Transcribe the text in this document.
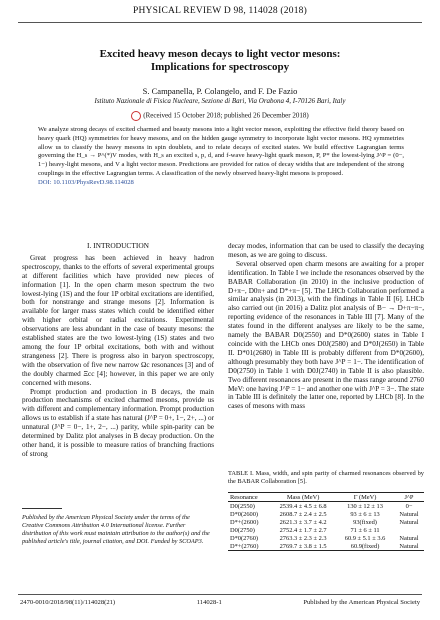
PHYSICAL REVIEW D 98, 114028 (2018)
Excited heavy meson decays to light vector mesons:
Implications for spectroscopy
S. Campanella, P. Colangelo, and F. De Fazio
Istituto Nazionale di Fisica Nucleare, Sezione di Bari, Via Orabona 4, I-70126 Bari, Italy
(Received 15 October 2018; published 26 December 2018)
We analyze strong decays of excited charmed and beauty mesons into a light vector meson, exploiting the effective field theory based on heavy quark (HQ) symmetries for heavy mesons, and on the hidden gauge symmetry to incorporate light vector mesons. HQ symmetries allow us to classify the heavy mesons in spin doublets, and to relate decays of excited states. We build effective Lagrangian terms governing the H_s → P^(*)V modes, with H_s an excited s, p, d, and f-wave heavy-light quark meson, P, P* the lowest-lying J^P = (0−, 1−) heavy-light mesons, and V a light vector meson. Predictions are provided for ratios of decay widths that are independent of the strong couplings in the effective Lagrangian terms. A classification of the newly observed heavy-light mesons is proposed.
DOI: 10.1103/PhysRevD.98.114028
I. INTRODUCTION

Great progress has been achieved in heavy hadron spectroscopy, thanks to the efforts of several experimental groups at different facilities which have provided new pieces of information [1]. In the open charm meson spectrum the two lowest-lying (1S) and the four 1P orbital excitations are identified, both for nonstrange and strange mesons [2]. Information is available for larger mass states which could be identified either with higher orbital or radial excitations. Experimental observations are less abundant in the case of beauty mesons: the established states are the two lowest-lying (1S) states and two among the four 1P orbital excitations, both with and without strangeness [2]. There is progress also in baryon spectroscopy, with the observation of five new narrow Ωc resonances [3] and of the doubly charmed Ξcc [4]; however, in this paper we are only concerned with mesons.

Prompt production and production in B decays, the main production mechanisms of excited charmed mesons, provide us with different and complementary information. Prompt production allows us to establish if a state has natural (J^P = 0+, 1−, 2+, ...) or unnatural (J^P = 0−, 1+, 2−, ...) parity, while spin-parity can be determined by Dalitz plot analyses in B decay production. On the other hand, it is possible to measure ratios of branching fractions of strong

Published by the American Physical Society under the terms of the Creative Commons Attribution 4.0 International license. Further distribution of this work must maintain attribution to the author(s) and the published article's title, journal citation, and DOI. Funded by SCOAP3.

decay modes, information that can be used to classify the decaying meson, as we are going to discuss.

Several observed open charm mesons are awaiting for a proper identification. In Table I we include the resonances observed by the BABAR Collaboration (in 2010) in the inclusive production of D+π−, D0π+ and D*+π− [5]. The LHCb Collaboration performed a similar analysis (in 2013), with the findings in Table II [6]. LHCb also carried out (in 2016) a Dalitz plot analysis of B− → D+π−π−, reporting evidence of the resonances in Table III [7]. Many of the states found in the different analyses are likely to be the same, namely the BABAR D0(2550) and D*0(2600) states in Table I coincide with the LHCb ones D0J(2580) and D*0J(2650) in Table II. D*01(2680) in Table III is probably different from D*0(2600), although presumably they both have J^P = 1−. The identification of D0(2750) in Table 1 with D0J(2740) in Table II is also plausible. Two different resonances are present in the mass range around 2760 MeV: one having J^P = 1− and another one with J^P = 3−. The state in Table III is definitely the latter one, reported by LHCb [8]. In the cases of mesons with mass

TABLE I. Mass, width, and spin parity of charmed resonances observed by the BABAR Collaboration [5].
Resonance	Mass (MeV)	Γ (MeV)	J^P
D0(2550)	2539.4 ± 4.5 ± 6.8	130 ± 12 ± 13	0−
D*0(2600)	2608.7 ± 2.4 ± 2.5	93 ± 6 ± 13	Natural
D*+(2600)	2621.3 ± 3.7 ± 4.2	93(fixed)	Natural
D0(2750)	2752.4 ± 1.7 ± 2.7	71 ± 6 ± 11	
D*0(2760)	2763.3 ± 2.3 ± 2.3	60.9 ± 5.1 ± 3.6	Natural
D*+(2760)	2769.7 ± 3.8 ± 1.5	60.9(fixed)	Natural
2470-0010/2018/98(11)/114028(21)	114028-1	Published by the American Physical Society
